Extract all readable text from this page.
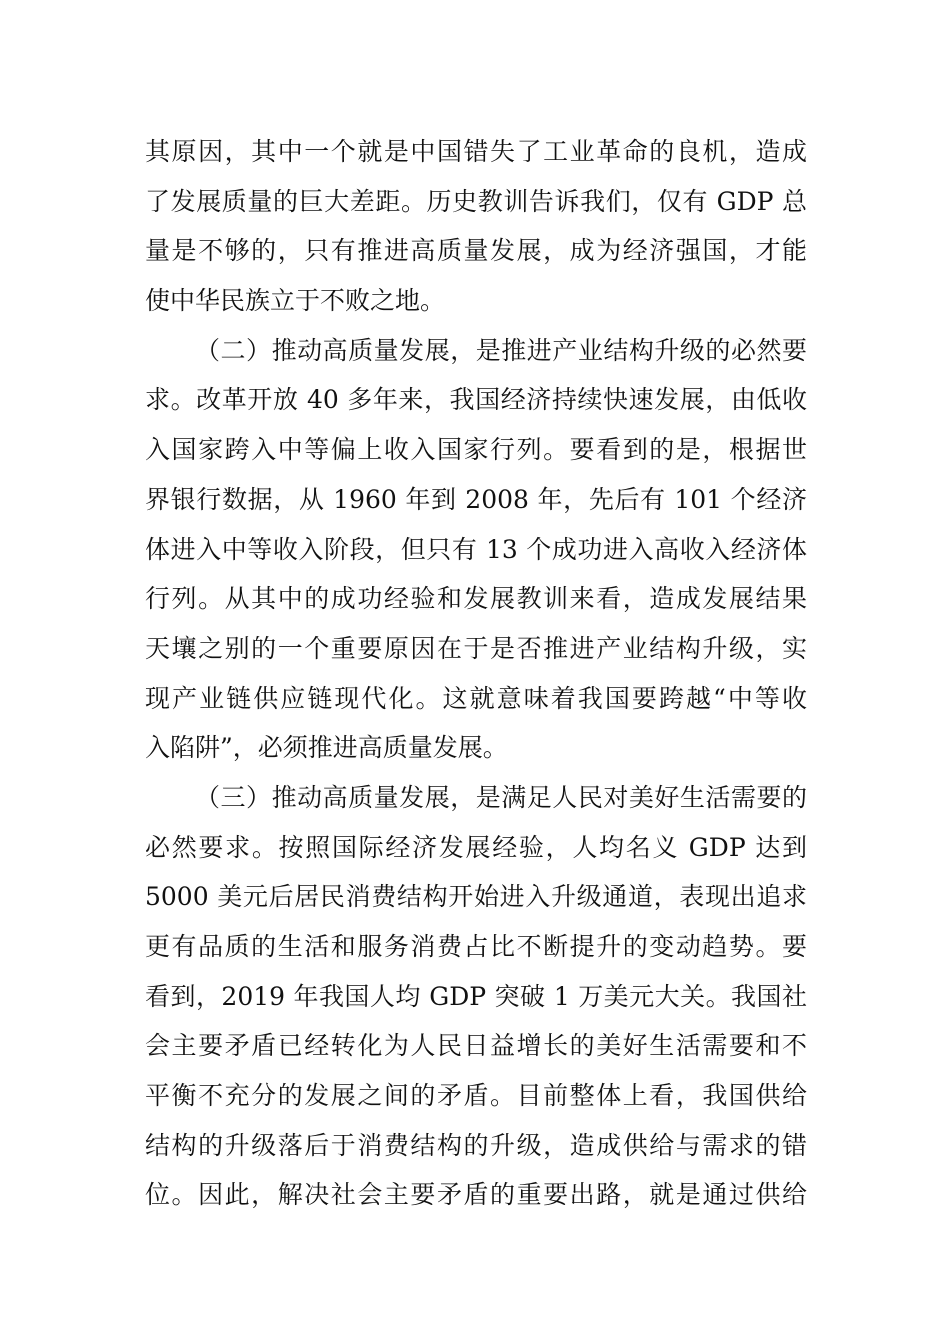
其原因，其中一个就是中国错失了工业革命的良机，造成
了发展质量的巨大差距。历史教训告诉我们，仅有 GDP 总
量是不够的，只有推进高质量发展，成为经济强国，才能
使中华民族立于不败之地。
（二）推动高质量发展，是推进产业结构升级的必然要
求。改革开放 40 多年来，我国经济持续快速发展，由低收
入国家跨入中等偏上收入国家行列。要看到的是，根据世
界银行数据，从 1960 年到 2008 年，先后有 101 个经济
体进入中等收入阶段，但只有 13 个成功进入高收入经济体
行列。从其中的成功经验和发展教训来看，造成发展结果
天壤之别的一个重要原因在于是否推进产业结构升级，实
现产业链供应链现代化。这就意味着我国要跨越“中等收
入陷阱”，必须推进高质量发展。
（三）推动高质量发展，是满足人民对美好生活需要的
必然要求。按照国际经济发展经验，人均名义 GDP 达到
5000 美元后居民消费结构开始进入升级通道，表现出追求
更有品质的生活和服务消费占比不断提升的变动趋势。要
看到，2019 年我国人均 GDP 突破 1 万美元大关。我国社
会主要矛盾已经转化为人民日益增长的美好生活需要和不
平衡不充分的发展之间的矛盾。目前整体上看，我国供给
结构的升级落后于消费结构的升级，造成供给与需求的错
位。因此，解决社会主要矛盾的重要出路，就是通过供给
